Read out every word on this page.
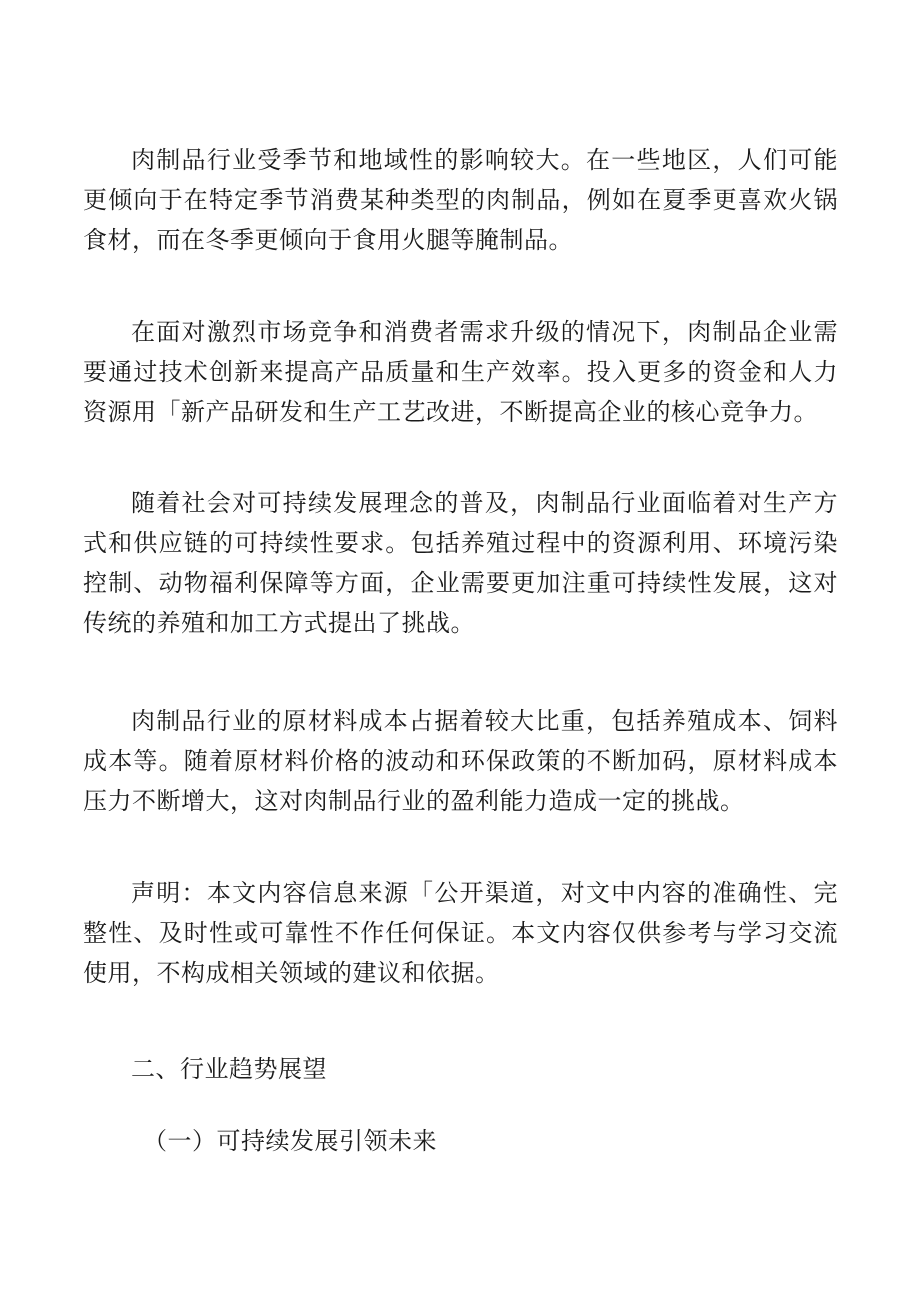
肉制品行业受季节和地域性的影响较大。在一些地区，人们可能更倾向于在特定季节消费某种类型的肉制品，例如在夏季更喜欢火锅食材，而在冬季更倾向于食用火腿等腌制品。

在面对激烈市场竞争和消费者需求升级的情况下，肉制品企业需要通过技术创新来提高产品质量和生产效率。投入更多的资金和人力资源用「新产品研发和生产工艺改进，不断提高企业的核心竞争力。

随着社会对可持续发展理念的普及，肉制品行业面临着对生产方式和供应链的可持续性要求。包括养殖过程中的资源利用、环境污染控制、动物福利保障等方面，企业需要更加注重可持续性发展，这对传统的养殖和加工方式提出了挑战。

肉制品行业的原材料成本占据着较大比重，包括养殖成本、饲料成本等。随着原材料价格的波动和环保政策的不断加码，原材料成本压力不断增大，这对肉制品行业的盈利能力造成一定的挑战。

声明：本文内容信息来源「公开渠道，对文中内容的准确性、完整性、及时性或可靠性不作任何保证。本文内容仅供参考与学习交流使用，不构成相关领域的建议和依据。

二、行业趋势展望
（一）可持续发展引领未来
